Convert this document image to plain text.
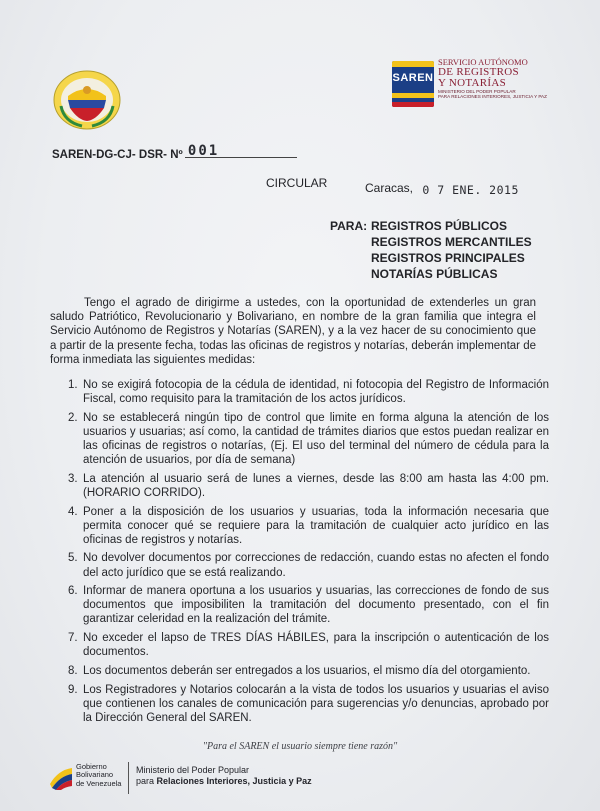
SAREN
SERVICIO AUTÓNOMO
DE REGISTROS
Y NOTARÍAS
MINISTERIO DEL PODER POPULAR
PARA RELACIONES INTERIORES, JUSTICIA Y PAZ
SAREN-DG-CJ- DSR- Nº 001
CIRCULAR	Caracas, 0 7 ENE. 2015
PARA: REGISTROS PÚBLICOS
REGISTROS MERCANTILES
REGISTROS PRINCIPALES
NOTARÍAS PÚBLICAS
Tengo el agrado de dirigirme a ustedes, con la oportunidad de extenderles un gran saludo Patriótico, Revolucionario y Bolivariano, en nombre de la gran familia que integra el Servicio Autónomo de Registros y Notarías (SAREN), y a la vez hacer de su conocimiento que a partir de la presente fecha, todas las oficinas de registros y notarías, deberán implementar de forma inmediata las siguientes medidas:
1. No se exigirá fotocopia de la cédula de identidad, ni fotocopia del Registro de Información Fiscal, como requisito para la tramitación de los actos jurídicos.
2. No se establecerá ningún tipo de control que limite en forma alguna la atención de los usuarios y usuarias; así como, la cantidad de trámites diarios que estos puedan realizar en las oficinas de registros o notarías, (Ej. El uso del terminal del número de cédula para la atención de usuarios, por día de semana)
3. La atención al usuario será de lunes a viernes, desde las 8:00 am hasta las 4:00 pm. (HORARIO CORRIDO).
4. Poner a la disposición de los usuarios y usuarias, toda la información necesaria que permita conocer qué se requiere para la tramitación de cualquier acto jurídico en las oficinas de registros y notarías.
5. No devolver documentos por correcciones de redacción, cuando estas no afecten el fondo del acto jurídico que se está realizando.
6. Informar de manera oportuna a los usuarios y usuarias, las correcciones de fondo de sus documentos que imposibiliten la tramitación del documento presentado, con el fin garantizar celeridad en la realización del trámite.
7. No exceder el lapso de TRES DÍAS HÁBILES, para la inscripción o autenticación de los documentos.
8. Los documentos deberán ser entregados a los usuarios, el mismo día del otorgamiento.
9. Los Registradores y Notarios colocarán a la vista de todos los usuarios y usuarias el aviso que contienen los canales de comunicación para sugerencias y/o denuncias, aprobado por la Dirección General del SAREN.
"Para el SAREN el usuario siempre tiene razón"
Gobierno
Bolivariano
de Venezuela
Ministerio del Poder Popular
para Relaciones Interiores, Justicia y Paz
